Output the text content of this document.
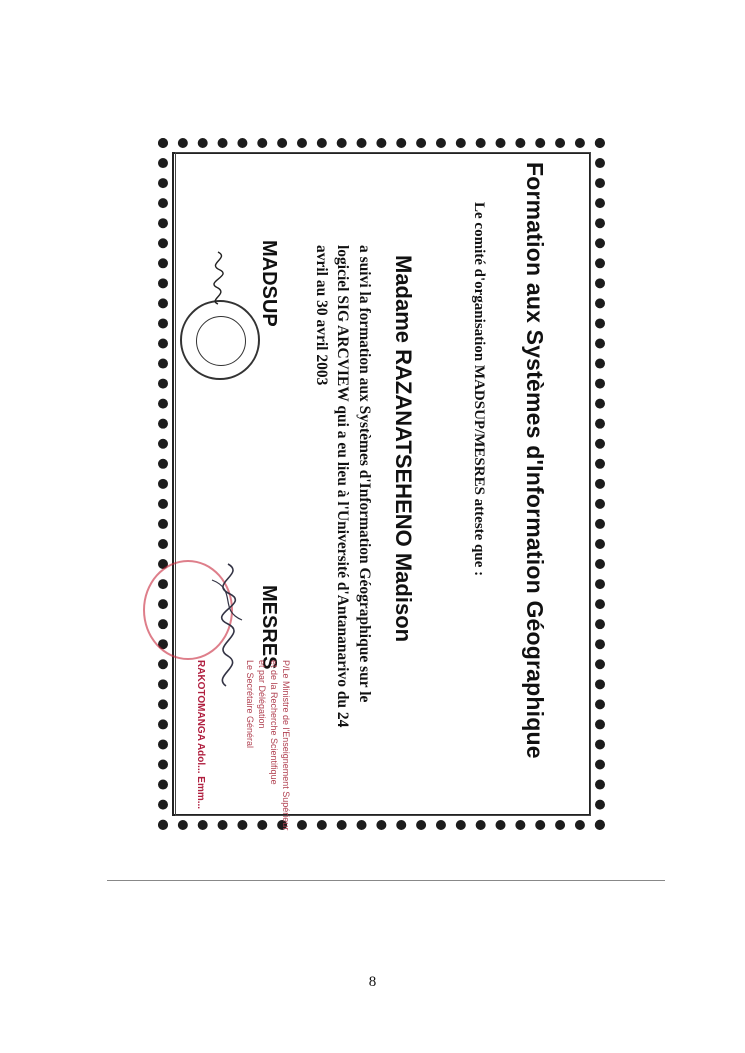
Formation aux Systèmes d'Information Géographique
Le comité d'organisation MADSUP/MESRES atteste que :
Madame RAZANATSEHENO Madison
a suivi la formation aux Systèmes d'Information Géographique sur le
logiciel SIG ARCVIEW qui a eu lieu à l'Université d'Antananarivo du 24
avril au 30 avril 2003
MADSUP
MESRES
P/Le Ministre de l'Enseignement Supérieur
et de la Recherche Scientifique
et par Délégation
Le Secrétaire Général
RAKOTOMANGA Adol... Emm...
8
